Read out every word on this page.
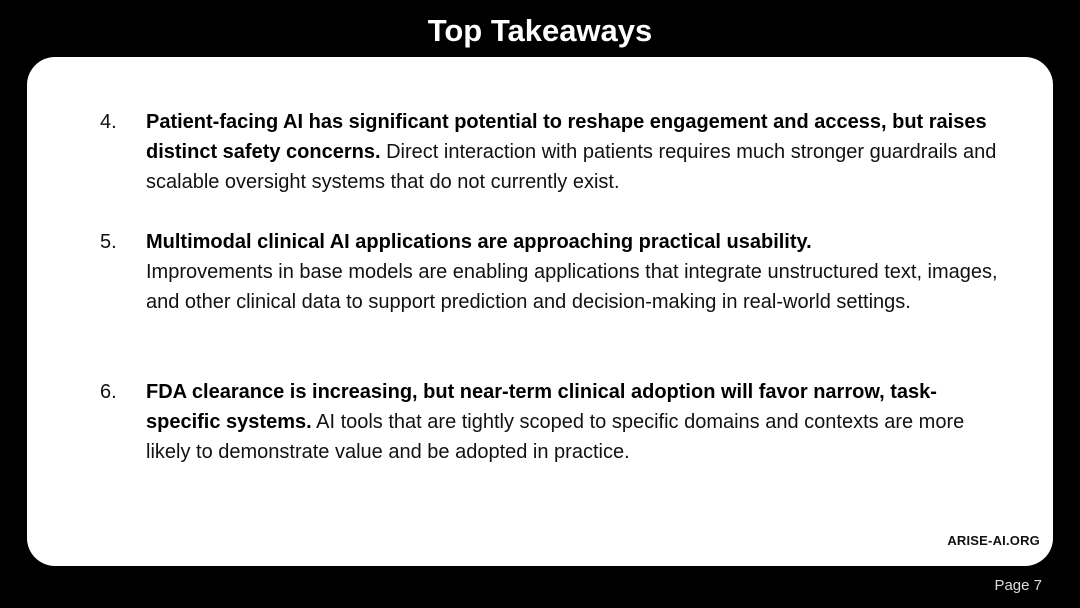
Top Takeaways
4. Patient-facing AI has significant potential to reshape engagement and access, but raises distinct safety concerns. Direct interaction with patients requires much stronger guardrails and scalable oversight systems that do not currently exist.
5. Multimodal clinical AI applications are approaching practical usability.
Improvements in base models are enabling applications that integrate unstructured text, images, and other clinical data to support prediction and decision-making in real-world settings.
6. FDA clearance is increasing, but near-term clinical adoption will favor narrow, task-specific systems. AI tools that are tightly scoped to specific domains and contexts are more likely to demonstrate value and be adopted in practice.
ARISE-AI.ORG
Page 7
